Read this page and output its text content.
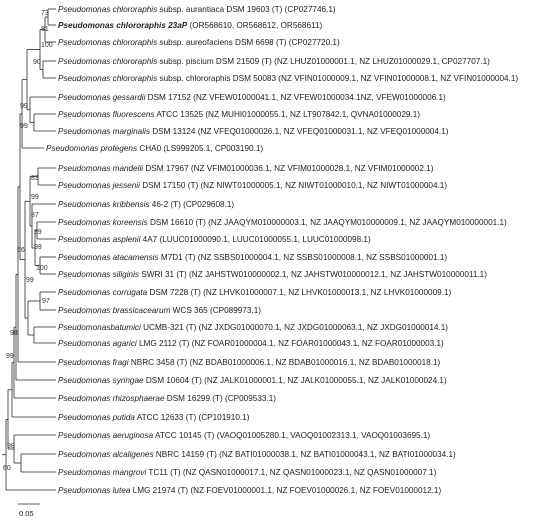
Pseudomonas chlororaphis subsp. aurantiaca DSM 19603 (T) (CP027746.1)
Pseudomonas chlororaphis 23aP (OR568610, OR568612, OR568611)
Pseudomonas chlororaphis subsp. aureofaciens DSM 6698 (T) (CP027720.1)
Pseudomonas chlororaphis subsp. piscium DSM 21509 (T) (NZ LHUZ01000001.1, NZ LHUZ01000029.1, CP027707.1)
Pseudomonas chlororaphis subsp. chlororaphis DSM 50083 (NZ VFIN01000009.1, NZ VFIN01000008.1, NZ VFIN01000004.1)
Pseudomonas gessardii DSM 17152 (NZ VFEW01000041.1, NZ VFEW01000034.1NZ, VFEW01000006.1)
Pseudomonas fluorescens ATCC 13525 (NZ MUHI01000055.1, NZ LT907842.1, QVNA01000029.1)
Pseudomonas marginalis DSM 13124 (NZ VFEQ01000026.1, NZ VFEQ01000031.1, NZ VFEQ01000004.1)
Pseudomonas protegens CHA0 (LS999205.1, CP003190.1)
Pseudomonas mandelii DSM 17967 (NZ VFIM01000036.1, NZ VFIM01000028.1, NZ VFIM01000002.1)
Pseudomonas jessenii DSM 17150 (T) (NZ NIWT01000005.1, NZ NIWT01000010.1, NZ NIWT01000004.1)
Pseudomonas kribbensis 46-2 (T) (CP029608.1)
Pseudomonas koreensis DSM 16610 (T) (NZ JAAQYM010000003.1, NZ JAAQYM010000009.1, NZ JAAQYM010000001.1)
Pseudomonas asplenii 4A7 (LUUC01000090.1, LUUC01000055.1, LUUC01000098.1)
Pseudomonas atacamensis M7D1 (T) (NZ SSBS01000004.1, NZ SSBS01000008.1, NZ SSBS01000001.1)
Pseudomonas siliginis SWRI 31 (T) (NZ JAHSTW010000002.1, NZ JAHSTW010000012.1, NZ JAHSTW010000011.1)
Pseudomonas corrugata DSM 7228 (T) (NZ LHVK01000007.1, NZ LHVK01000013.1, NZ LHVK01000009.1)
Pseudomonas brassicacearum WCS 365 (CP089973.1)
Pseudomonasbatumici UCMB-321 (T) (NZ JXDG01000070.1, NZ JXDG01000063.1, NZ JXDG01000014.1)
Pseudomonas agarici LMG 2112 (T) (NZ FOAR01000004.1, NZ FOAR01000043.1, NZ FOAR01000003.1)
Pseudomonas fragi NBRC 3458 (T) (NZ BDAB01000006.1, NZ BDAB01000016.1, NZ BDAB01000018.1)
Pseudomonas syringae DSM 10604 (T) (NZ JALK01000001.1, NZ JALK01000055.1, NZ JALK01000024.1)
Pseudomonas rhizosphaerae DSM 16299 (T) (CP009533.1)
Pseudomonas putida ATCC 12633 (T) (CP101910.1)
Pseudomonas aeruginosa ATCC 10145 (T) (VAOQ01005280.1, VAOQ01002313.1, VAOQ01003695.1)
Pseudomonas alcaligenes NBRC 14159 (T) (NZ BATI01000038.1, NZ BATI01000043.1, NZ BATI01000034.1)
Pseudomonas mangrovi TC11 (T) (NZ QASN01000017.1, NZ QASN01000023.1, NZ QASN01000007.1)
Pseudomonas lutea LMG 21974 (T) (NZ FOEV01000001.1, NZ FOEV01000026.1, NZ FOEV01000012.1)
73
81
100
90
99
99
83
99
87
99
99
100
97
99
66
98
99
98
60
0.05
